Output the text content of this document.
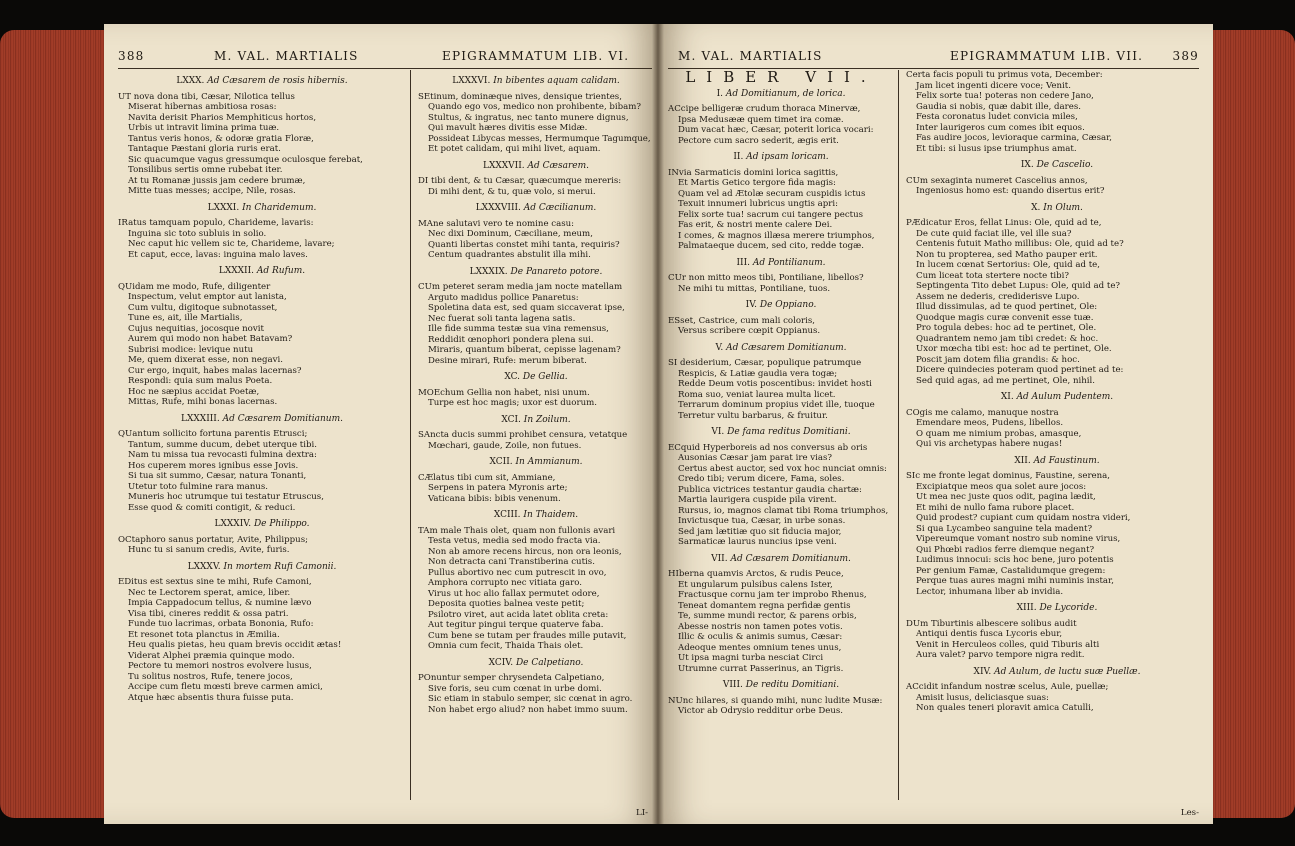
388	M. VAL. MARTIALIS	EPIGRAMMATUM LIB. VI.
LXXX. Ad Cæsarem de rosis hibernis.

UT nova dona tibi, Cæsar, Nilotica tellus

Miserat hibernas ambitiosa rosas:

Navita derisit Pharios Memphiticus hortos,

Urbis ut intravit limina prima tuæ.

Tantus veris honos, & odoræ gratia Floræ,

Tantaque Pæstani gloria ruris erat.

Sic quacumque vagus gressumque oculosque ferebat,

Tonsilibus sertis omne rubebat iter.

At tu Romanæ jussis jam cedere brumæ,

Mitte tuas messes; accipe, Nile, rosas.

LXXXI. In Charidemum.

IRatus tamquam populo, Charideme, lavaris:

Inguina sic toto subluis in solio.

Nec caput hic vellem sic te, Charideme, lavare;

Et caput, ecce, lavas: inguina malo laves.

LXXXII. Ad Rufum.

QUidam me modo, Rufe, diligenter

Inspectum, velut emptor aut lanista,

Cum vultu, digitoque subnotasset,

Tune es, ait, ille Martialis,

Cujus nequitias, jocosque novit

Aurem qui modo non habet Batavam?

Subrisi modice: levique nutu

Me, quem dixerat esse, non negavi.

Cur ergo, inquit, habes malas lacernas?

Respondi: quia sum malus Poeta.

Hoc ne sæpius accidat Poetæ,

Mittas, Rufe, mihi bonas lacernas.

LXXXIII. Ad Cæsarem Domitianum.

QUantum sollicito fortuna parentis Etrusci;

Tantum, summe ducum, debet uterque tibi.

Nam tu missa tua revocasti fulmina dextra:

Hos cuperem mores ignibus esse Jovis.

Si tua sit summo, Cæsar, natura Tonanti,

Utetur toto fulmine rara manus.

Muneris hoc utrumque tui testatur Etruscus,

Esse quod & comiti contigit, & reduci.

LXXXIV. De Philippo.

OCtaphoro sanus portatur, Avite, Philippus;

Hunc tu si sanum credis, Avite, furis.

LXXXV. In mortem Rufi Camonii.

EDitus est sextus sine te mihi, Rufe Camoni,

Nec te Lectorem sperat, amice, liber.

Impia Cappadocum tellus, & numine lævo

Visa tibi, cineres reddit & ossa patri.

Funde tuo lacrimas, orbata Bononia, Rufo:

Et resonet tota planctus in Æmilia.

Heu qualis pietas, heu quam brevis occidit ætas!

Viderat Alphei præmia quinque modo.

Pectore tu memori nostros evolvere lusus,

Tu solitus nostros, Rufe, tenere jocos,

Accipe cum fletu mœsti breve carmen amici,

Atque hæc absentis thura fuisse puta.

LXXXVI. In bibentes aquam calidam.

SEtinum, dominæque nives, densique trientes,

Quando ego vos, medico non prohibente, bibam?

Stultus, & ingratus, nec tanto munere dignus,

Qui mavult hæres divitis esse Midæ.

Possideat Libycas messes, Hermumque Tagumque,

Et potet calidam, qui mihi livet, aquam.

LXXXVII. Ad Cæsarem.

DI tibi dent, & tu Cæsar, quæcumque mereris:

Di mihi dent, & tu, quæ volo, si merui.

LXXXVIII. Ad Cæcilianum.

MAne salutavi vero te nomine casu:

Nec dixi Dominum, Cæciliane, meum,

Quanti libertas constet mihi tanta, requiris?

Centum quadrantes abstulit illa mihi.

LXXXIX. De Panareto potore.

CUm peteret seram media jam nocte matellam

Arguto madidus pollice Panaretus:

Spoletina data est, sed quam siccaverat ipse,

Nec fuerat soli tanta lagena satis.

Ille fide summa testæ sua vina remensus,

Reddidit œnophori pondera plena sui.

Miraris, quantum biberat, cepisse lagenam?

Desine mirari, Rufe: merum biberat.

XC. De Gellia.

MOEchum Gellia non habet, nisi unum.

Turpe est hoc magis; uxor est duorum.

XCI. In Zoilum.

SAncta ducis summi prohibet censura, vetatque

Mœchari, gaude, Zoile, non futues.

XCII. In Ammianum.

CÆlatus tibi cum sit, Ammiane,

Serpens in patera Myronis arte;

Vaticana bibis: bibis venenum.

XCIII. In Thaidem.

TAm male Thais olet, quam non fullonis avari

Testa vetus, media sed modo fracta via.

Non ab amore recens hircus, non ora leonis,

Non detracta cani Transtiberina cutis.

Pullus abortivo nec cum putrescit in ovo,

Amphora corrupto nec vitiata garo.

Virus ut hoc alio fallax permutet odore,

Deposita quoties balnea veste petit;

Psilotro viret, aut acida latet oblita creta:

Aut tegitur pingui terque quaterve faba.

Cum bene se tutam per fraudes mille putavit,

Omnia cum fecit, Thaida Thais olet.

XCIV. De Calpetiano.

POnuntur semper chrysendeta Calpetiano,

Sive foris, seu cum cœnat in urbe domi.

Sic etiam in stabulo semper, sic cœnat in agro.

Non habet ergo aliud? non habet immo suum.

LI-
M. VAL. MARTIALIS	EPIGRAMMATUM LIB. VII. 389
LIBER VII.
I. Ad Domitianum, de lorica.

ACcipe belligeræ crudum thoraca Minervæ,

Ipsa Medusææ quem timet ira comæ.

Dum vacat hæc, Cæsar, poterit lorica vocari:

Pectore cum sacro sederit, ægis erit.

II. Ad ipsam loricam.

INvia Sarmaticis domini lorica sagittis,

Et Martis Getico tergore fida magis:

Quam vel ad Ætolæ securam cuspidis ictus

Texuit innumeri lubricus ungtis apri:

Felix sorte tua! sacrum cui tangere pectus

Fas erit, & nostri mente calere Dei.

I comes, & magnos illæsa merere triumphos,

Palmataeque ducem, sed cito, redde togæ.

III. Ad Pontilianum.

CUr non mitto meos tibi, Pontiliane, libellos?

Ne mihi tu mittas, Pontiliane, tuos.

IV. De Oppiano.

ESset, Castrice, cum mali coloris,

Versus scribere cœpit Oppianus.

V. Ad Cæsarem Domitianum.

SI desiderium, Cæsar, populique patrumque

Respicis, & Latiæ gaudia vera togæ;

Redde Deum votis poscentibus: invidet hosti

Roma suo, veniat laurea multa licet.

Terrarum dominum propius videt ille, tuoque

Terretur vultu barbarus, & fruitur.

VI. De fama reditus Domitiani.

ECquid Hyperboreis ad nos conversus ab oris

Ausonias Cæsar jam parat ire vias?

Certus abest auctor, sed vox hoc nunciat omnis:

Credo tibi; verum dicere, Fama, soles.

Publica victrices testantur gaudia chartæ:

Martia laurigera cuspide pila virent.

Rursus, io, magnos clamat tibi Roma triumphos,

Invictusque tua, Cæsar, in urbe sonas.

Sed jam lætitiæ quo sit fiducia major,

Sarmaticæ laurus nuncius ipse veni.

VII. Ad Cæsarem Domitianum.

HIberna quamvis Arctos, & rudis Peuce,

Et ungularum pulsibus calens Ister,

Fractusque cornu jam ter improbo Rhenus,

Teneat domantem regna perfidæ gentis

Te, summe mundi rector, & parens orbis,

Abesse nostris non tamen potes votis.

Illic & oculis & animis sumus, Cæsar:

Adeoque mentes omnium tenes unus,

Ut ipsa magni turba nesciat Circi

Utrumne currat Passerinus, an Tigris.

VIII. De reditu Domitiani.

NUnc hilares, si quando mihi, nunc ludite Musæ:

Victor ab Odrysio redditur orbe Deus.

Certa facis populi tu primus vota, December:

Jam licet ingenti dicere voce; Venit.

Felix sorte tua! poteras non cedere Jano,

Gaudia si nobis, quæ dabit ille, dares.

Festa coronatus ludet convicia miles,

Inter laurigeros cum comes ibit equos.

Fas audire jocos, levioraque carmina, Cæsar,

Et tibi: si lusus ipse triumphus amat.

IX. De Cascelio.

CUm sexaginta numeret Cascelius annos,

Ingeniosus homo est: quando disertus erit?

X. In Olum.

PÆdicatur Eros, fellat Linus: Ole, quid ad te,

De cute quid faciat ille, vel ille sua?

Centenis futuit Matho millibus: Ole, quid ad te?

Non tu propterea, sed Matho pauper erit.

In lucem cœnat Sertorius: Ole, quid ad te,

Cum liceat tota stertere nocte tibi?

Septingenta Tito debet Lupus: Ole, quid ad te?

Assem ne dederis, crediderisve Lupo.

Illud dissimulas, ad te quod pertinet, Ole:

Quodque magis curæ convenit esse tuæ.

Pro togula debes: hoc ad te pertinet, Ole.

Quadrantem nemo jam tibi credet: & hoc.

Uxor mœcha tibi est: hoc ad te pertinet, Ole.

Poscit jam dotem filia grandis: & hoc.

Dicere quindecies poteram quod pertinet ad te:

Sed quid agas, ad me pertinet, Ole, nihil.

XI. Ad Aulum Pudentem.

COgis me calamo, manuque nostra

Emendare meos, Pudens, libellos.

O quam me nimium probas, amasque,

Qui vis archetypas habere nugas!

XII. Ad Faustinum.

SIc me fronte legat dominus, Faustine, serena,

Excipiatque meos qua solet aure jocos:

Ut mea nec juste quos odit, pagina lædit,

Et mihi de nullo fama rubore placet.

Quid prodest? cupiant cum quidam nostra videri,

Si qua Lycambeo sanguine tela madent?

Vipereumque vomant nostro sub nomine virus,

Qui Phœbi radios ferre diemque negant?

Ludimus innocui: scis hoc bene, juro potentis

Per genium Famæ, Castalidumque gregem:

Perque tuas aures magni mihi numinis instar,

Lector, inhumana liber ab invidia.

XIII. De Lycoride.

DUm Tiburtinis albescere solibus audit

Antiqui dentis fusca Lycoris ebur,

Venit in Herculeos colles, quid Tiburis alti

Aura valet? parvo tempore nigra redit.

XIV. Ad Aulum, de luctu suæ Puellæ.

ACcidit infandum nostræ scelus, Aule, puellæ;

Amisit lusus, deliciasque suas:

Non quales teneri ploravit amica Catulli,

Les-
